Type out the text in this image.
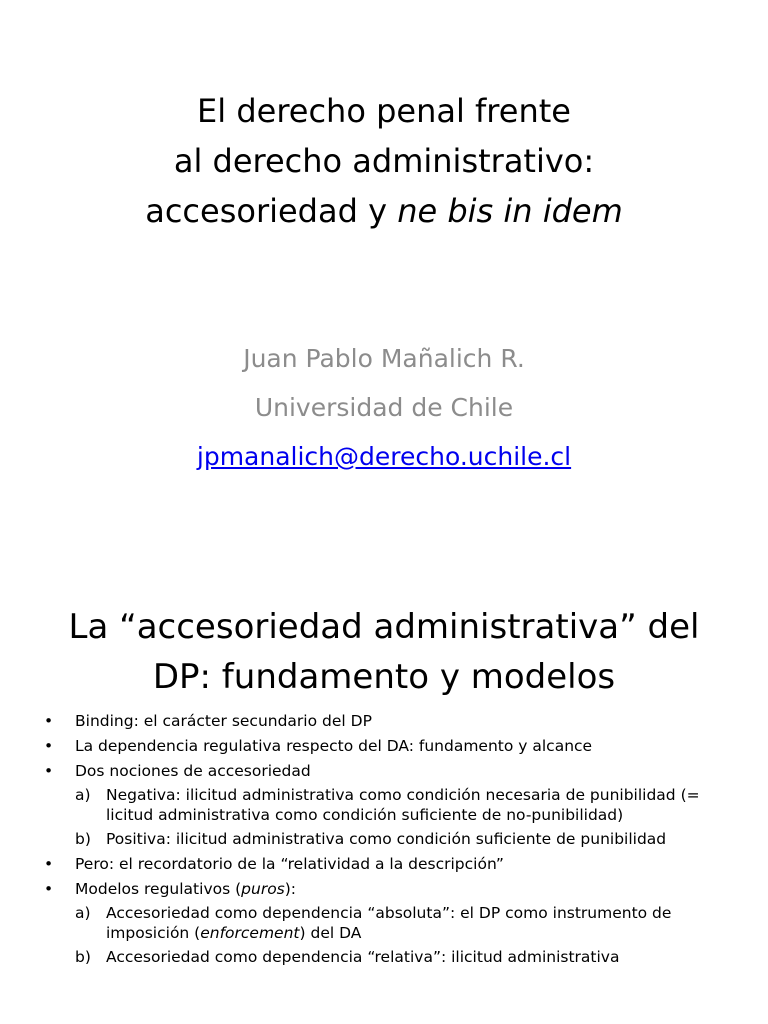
El derecho penal frente
al derecho administrativo:
accesoriedad y ne bis in idem
Juan Pablo Mañalich R.
Universidad de Chile
jpmanalich@derecho.uchile.cl
La “accesoriedad administrativa” del
DP: fundamento y modelos
• Binding: el carácter secundario del DP
• La dependencia regulativa respecto del DA: fundamento y alcance
• Dos nociones de accesoriedad
a) Negativa: ilicitud administrativa como condición necesaria de punibilidad (= licitud administrativa como condición suficiente de no-punibilidad)
b) Positiva: ilicitud administrativa como condición suficiente de punibilidad
• Pero: el recordatorio de la “relatividad a la descripción”
• Modelos regulativos (puros):
a) Accesoriedad como dependencia “absoluta”: el DP como instrumento de imposición (enforcement) del DA
b) Accesoriedad como dependencia “relativa”: ilicitud administrativa
